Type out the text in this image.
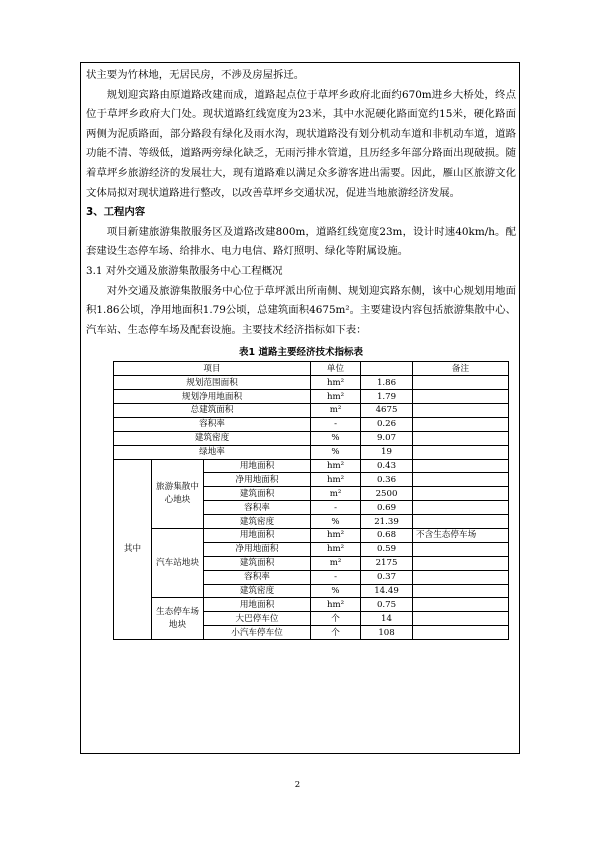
状主要为竹林地，无居民房，不涉及房屋拆迁。

规划迎宾路由原道路改建而成，道路起点位于草坪乡政府北面约670m进乡大桥处，终点位于草坪乡政府大门处。现状道路红线宽度为23米，其中水泥硬化路面宽约15米，硬化路面两侧为泥质路面，部分路段有绿化及雨水沟，现状道路没有划分机动车道和非机动车道，道路功能不清、等级低，道路两旁绿化缺乏，无雨污排水管道，且历经多年部分路面出现破损。随着草坪乡旅游经济的发展壮大，现有道路难以满足众多游客进出需要。因此，雁山区旅游文化文体局拟对现状道路进行整改，以改善草坪乡交通状况，促进当地旅游经济发展。

3、工程内容

项目新建旅游集散服务区及道路改建800m，道路红线宽度23m，设计时速40km/h。配套建设生态停车场、给排水、电力电信、路灯照明、绿化等附属设施。

3.1 对外交通及旅游集散服务中心工程概况

对外交通及旅游集散服务中心位于草坪派出所南侧、规划迎宾路东侧，该中心规划用地面积1.86公顷，净用地面积1.79公顷，总建筑面积4675m²。主要建设内容包括旅游集散中心、汽车站、生态停车场及配套设施。主要技术经济指标如下表：

表1 道路主要经济技术指标表
项目			单位		备注
规划范围面积			hm²	1.86	
规划净用地面积			hm²	1.79	
总建筑面积			m²	4675	
容积率			-	0.26	
建筑密度			%	9.07	
绿地率			%	19	
其中	旅游集散中心地块	用地面积	hm²	0.43	
		净用地面积	hm²	0.36	
		建筑面积	m²	2500	
		容积率	-	0.69	
		建筑密度	%	21.39	
	汽车站地块	用地面积	hm²	0.68	不含生态停车场
		净用地面积	hm²	0.59	
		建筑面积	m²	2175	
		容积率	-	0.37	
		建筑密度	%	14.49	
	生态停车场地块	用地面积	hm²	0.75	
		大巴停车位	个	14	
		小汽车停车位	个	108	
2
